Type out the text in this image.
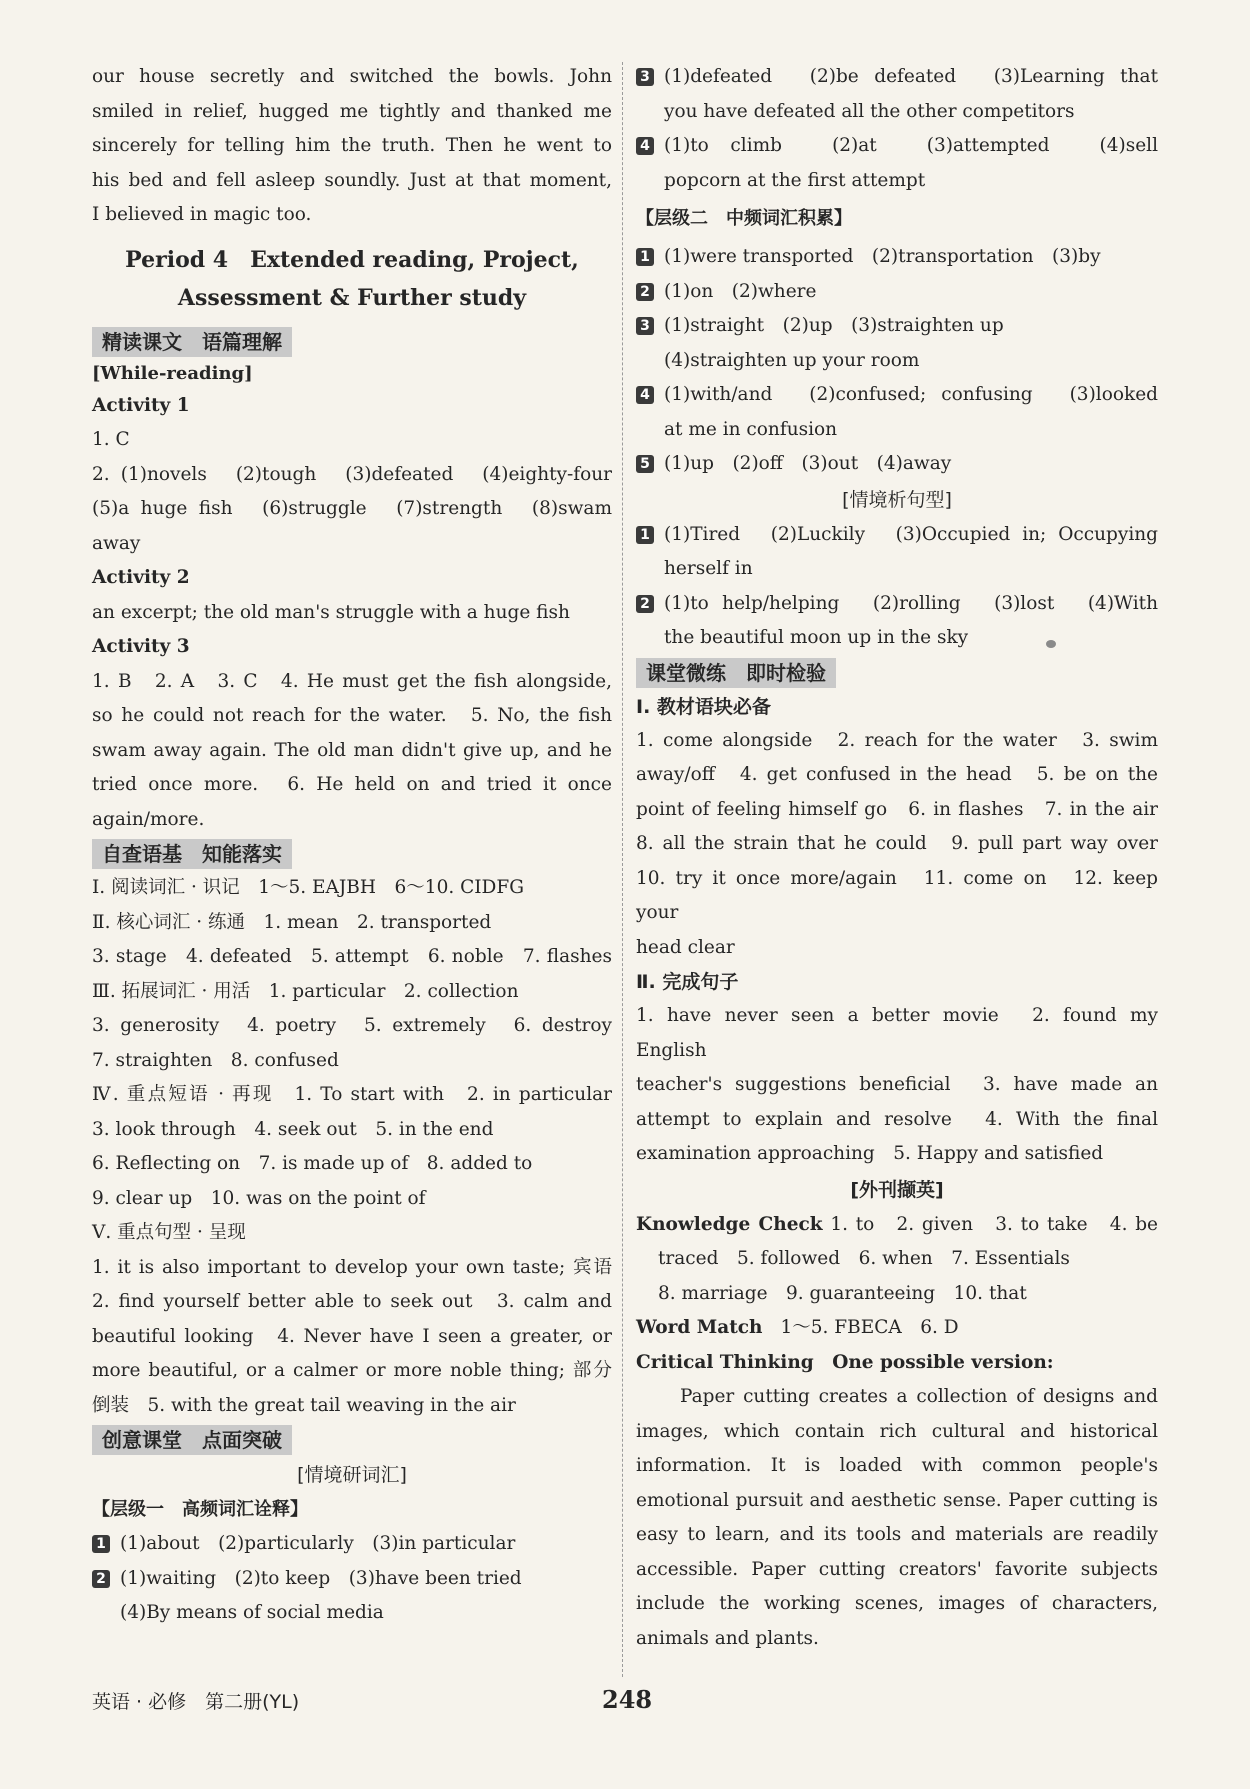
our house secretly and switched the bowls. John
smiled in relief, hugged me tightly and thanked me
sincerely for telling him the truth. Then he went to
his bed and fell asleep soundly. Just at that moment,
I believed in magic too.
Period 4　Extended reading, Project,
Assessment & Further study
精读课文　语篇理解
[While-reading]
Activity 1
1. C
2. (1)novels　(2)tough　(3)defeated　(4)eighty-four
(5)a huge fish　(6)struggle　(7)strength　(8)swam
away
Activity 2
an excerpt; the old man's struggle with a huge fish
Activity 3
1. B　2. A　3. C　4. He must get the fish alongside,
so he could not reach for the water.　5. No, the fish
swam away again. The old man didn't give up, and he
tried once more.　6. He held on and tried it once
again/more.
自查语基　知能落实
Ⅰ. 阅读词汇 · 识记　1～5. EAJBH　6～10. CIDFG
Ⅱ. 核心词汇 · 练通　1. mean　2. transported
3. stage　4. defeated　5. attempt　6. noble　7. flashes
Ⅲ. 拓展词汇 · 用活　1. particular　2. collection
3. generosity　4. poetry　5. extremely　6. destroy
7. straighten　8. confused
Ⅳ. 重点短语 · 再现　1. To start with　2. in particular
3. look through　4. seek out　5. in the end
6. Reflecting on　7. is made up of　8. added to
9. clear up　10. was on the point of
Ⅴ. 重点句型 · 呈现
1. it is also important to develop your own taste; 宾语
2. find yourself better able to seek out　3. calm and
beautiful looking　4. Never have I seen a greater, or
more beautiful, or a calmer or more noble thing; 部分
倒装　5. with the great tail weaving in the air
创意课堂　点面突破
[情境研词汇]
【层级一　高频词汇诠释】
1 (1)about　(2)particularly　(3)in particular
2 (1)waiting　(2)to keep　(3)have been tried
(4)By means of social media
3 (1)defeated　(2)be defeated　(3)Learning that
you have defeated all the other competitors
4 (1)to climb　(2)at　(3)attempted　(4)sell
popcorn at the first attempt
【层级二　中频词汇积累】
1 (1)were transported　(2)transportation　(3)by
2 (1)on　(2)where
3 (1)straight　(2)up　(3)straighten up
(4)straighten up your room
4 (1)with/and　(2)confused; confusing　(3)looked
at me in confusion
5 (1)up　(2)off　(3)out　(4)away
[情境析句型]
1 (1)Tired　(2)Luckily　(3)Occupied in; Occupying
herself in
2 (1)to help/helping　(2)rolling　(3)lost　(4)With
the beautiful moon up in the sky
课堂微练　即时检验
Ⅰ. 教材语块必备
1. come alongside　2. reach for the water　3. swim
away/off　4. get confused in the head　5. be on the
point of feeling himself go　6. in flashes　7. in the air
8. all the strain that he could　9. pull part way over
10. try it once more/again　11. come on　12. keep your
head clear
Ⅱ. 完成句子
1. have never seen a better movie　2. found my English
teacher's suggestions beneficial　3. have made an
attempt to explain and resolve　4. With the final
examination approaching　5. Happy and satisfied
[外刊撷英]
Knowledge Check 1. to　2. given　3. to take　4. be
traced　5. followed　6. when　7. Essentials
8. marriage　9. guaranteeing　10. that
Word Match 1～5. FBECA　6. D
Critical Thinking　One possible version:
Paper cutting creates a collection of designs and
images, which contain rich cultural and historical
information. It is loaded with common people's
emotional pursuit and aesthetic sense. Paper cutting is
easy to learn, and its tools and materials are readily
accessible. Paper cutting creators' favorite subjects
include the working scenes, images of characters,
animals and plants.
英语 · 必修　第二册(YL)	248
